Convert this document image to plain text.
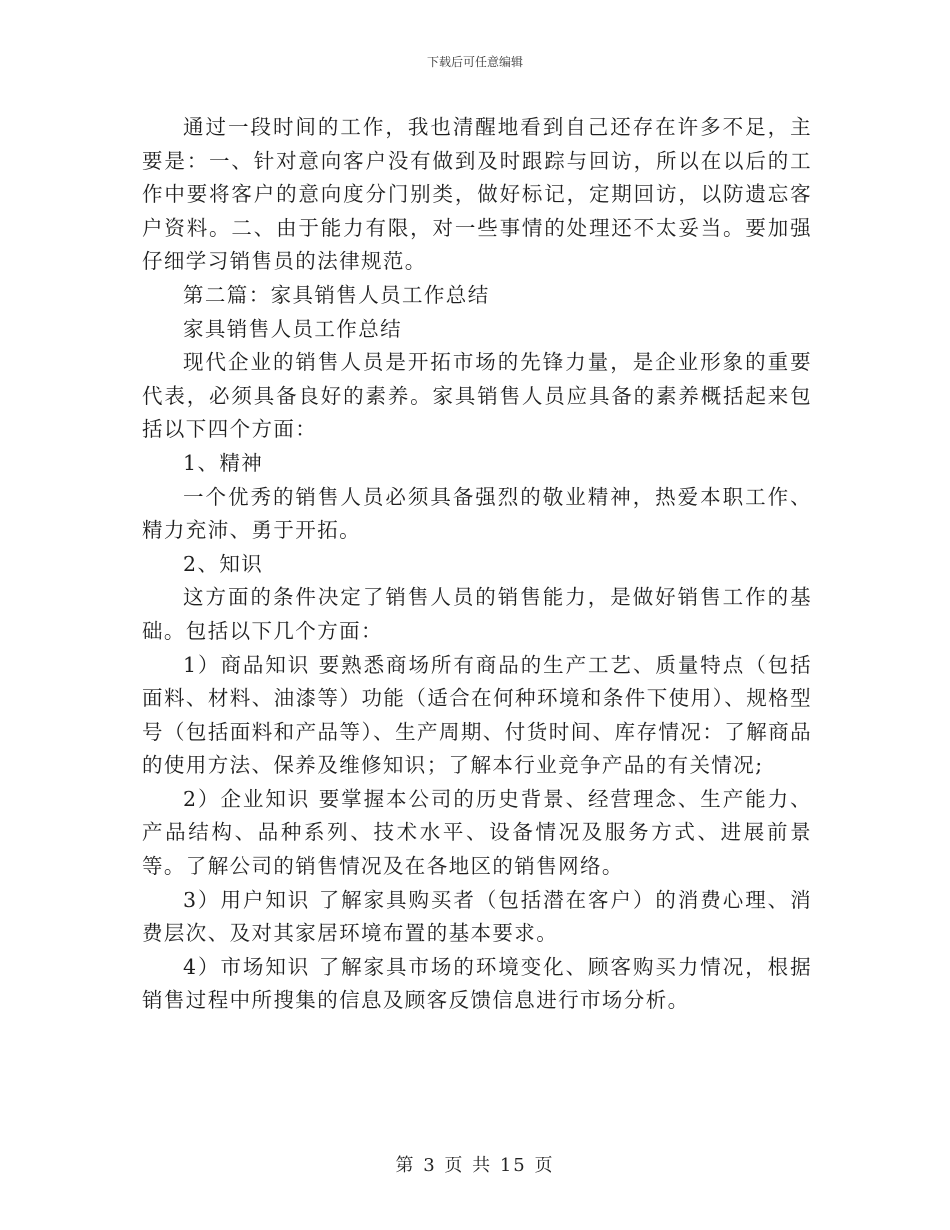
下载后可任意编辑

通过一段时间的工作，我也清醒地看到自己还存在许多不足，主要是：一、针对意向客户没有做到及时跟踪与回访，所以在以后的工作中要将客户的意向度分门别类，做好标记，定期回访，以防遗忘客户资料。二、由于能力有限，对一些事情的处理还不太妥当。要加强仔细学习销售员的法律规范。

第二篇：家具销售人员工作总结

家具销售人员工作总结

现代企业的销售人员是开拓市场的先锋力量，是企业形象的重要代表，必须具备良好的素养。家具销售人员应具备的素养概括起来包括以下四个方面：

1、精神

一个优秀的销售人员必须具备强烈的敬业精神，热爱本职工作、精力充沛、勇于开拓。

2、知识

这方面的条件决定了销售人员的销售能力，是做好销售工作的基础。包括以下几个方面：

1）商品知识 要熟悉商场所有商品的生产工艺、质量特点（包括面料、材料、油漆等）功能（适合在何种环境和条件下使用）、规格型号（包括面料和产品等）、生产周期、付货时间、库存情况：了解商品的使用方法、保养及维修知识；了解本行业竞争产品的有关情况;

2）企业知识 要掌握本公司的历史背景、经营理念、生产能力、产品结构、品种系列、技术水平、设备情况及服务方式、进展前景等。了解公司的销售情况及在各地区的销售网络。

3）用户知识 了解家具购买者（包括潜在客户）的消费心理、消费层次、及对其家居环境布置的基本要求。

4）市场知识 了解家具市场的环境变化、顾客购买力情况，根据销售过程中所搜集的信息及顾客反馈信息进行市场分析。

第 3 页 共 15 页
